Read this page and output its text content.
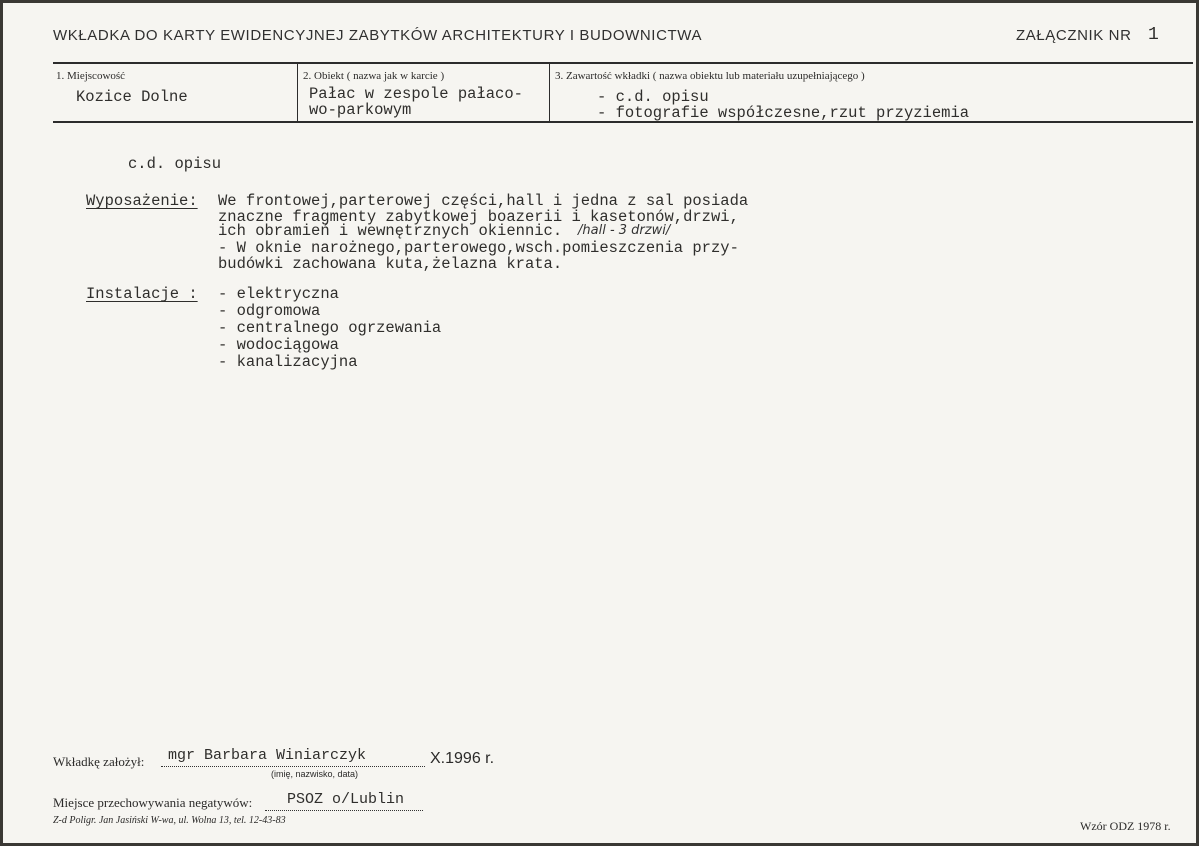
WKŁADKA DO KARTY EWIDENCYJNEJ ZABYTKÓW ARCHITEKTURY I BUDOWNICTWA	ZAŁĄCZNIK NR 1
1. Miejscowość	2. Obiekt ( nazwa jak w karcie )	3. Zawartość wkładki ( nazwa obiektu lub materiału uzupełniającego )
Kozice Dolne	Pałac w zespole pałaco-
wo-parkowym
- c.d. opisu
- fotografie współczesne,rzut przyziemia
c.d. opisu
Wyposażenie: We frontowej,parterowej części,hall i jedna z sal posiada
znaczne fragmenty zabytkowej boazerii i kasetonów,drzwi,
ich obramień i wewnętrznych okiennic. /hall - 3 drzwi/
- W oknie narożnego,parterowego,wsch.pomieszczenia przy-
budówki zachowana kuta,żelazna krata.
Instalacje : - elektryczna
- odgromowa
- centralnego ogrzewania
- wodociągowa
- kanalizacyjna
Wkładkę założył: mgr Barbara Winiarczyk	X.1996 r.
(imię, nazwisko, data)
Miejsce przechowywania negatywów: PSOZ o/Lublin
Z-d Poligr. Jan Jasiński W-wa, ul. Wolna 13, tel. 12-43-83	Wzór ODZ 1978 r.
